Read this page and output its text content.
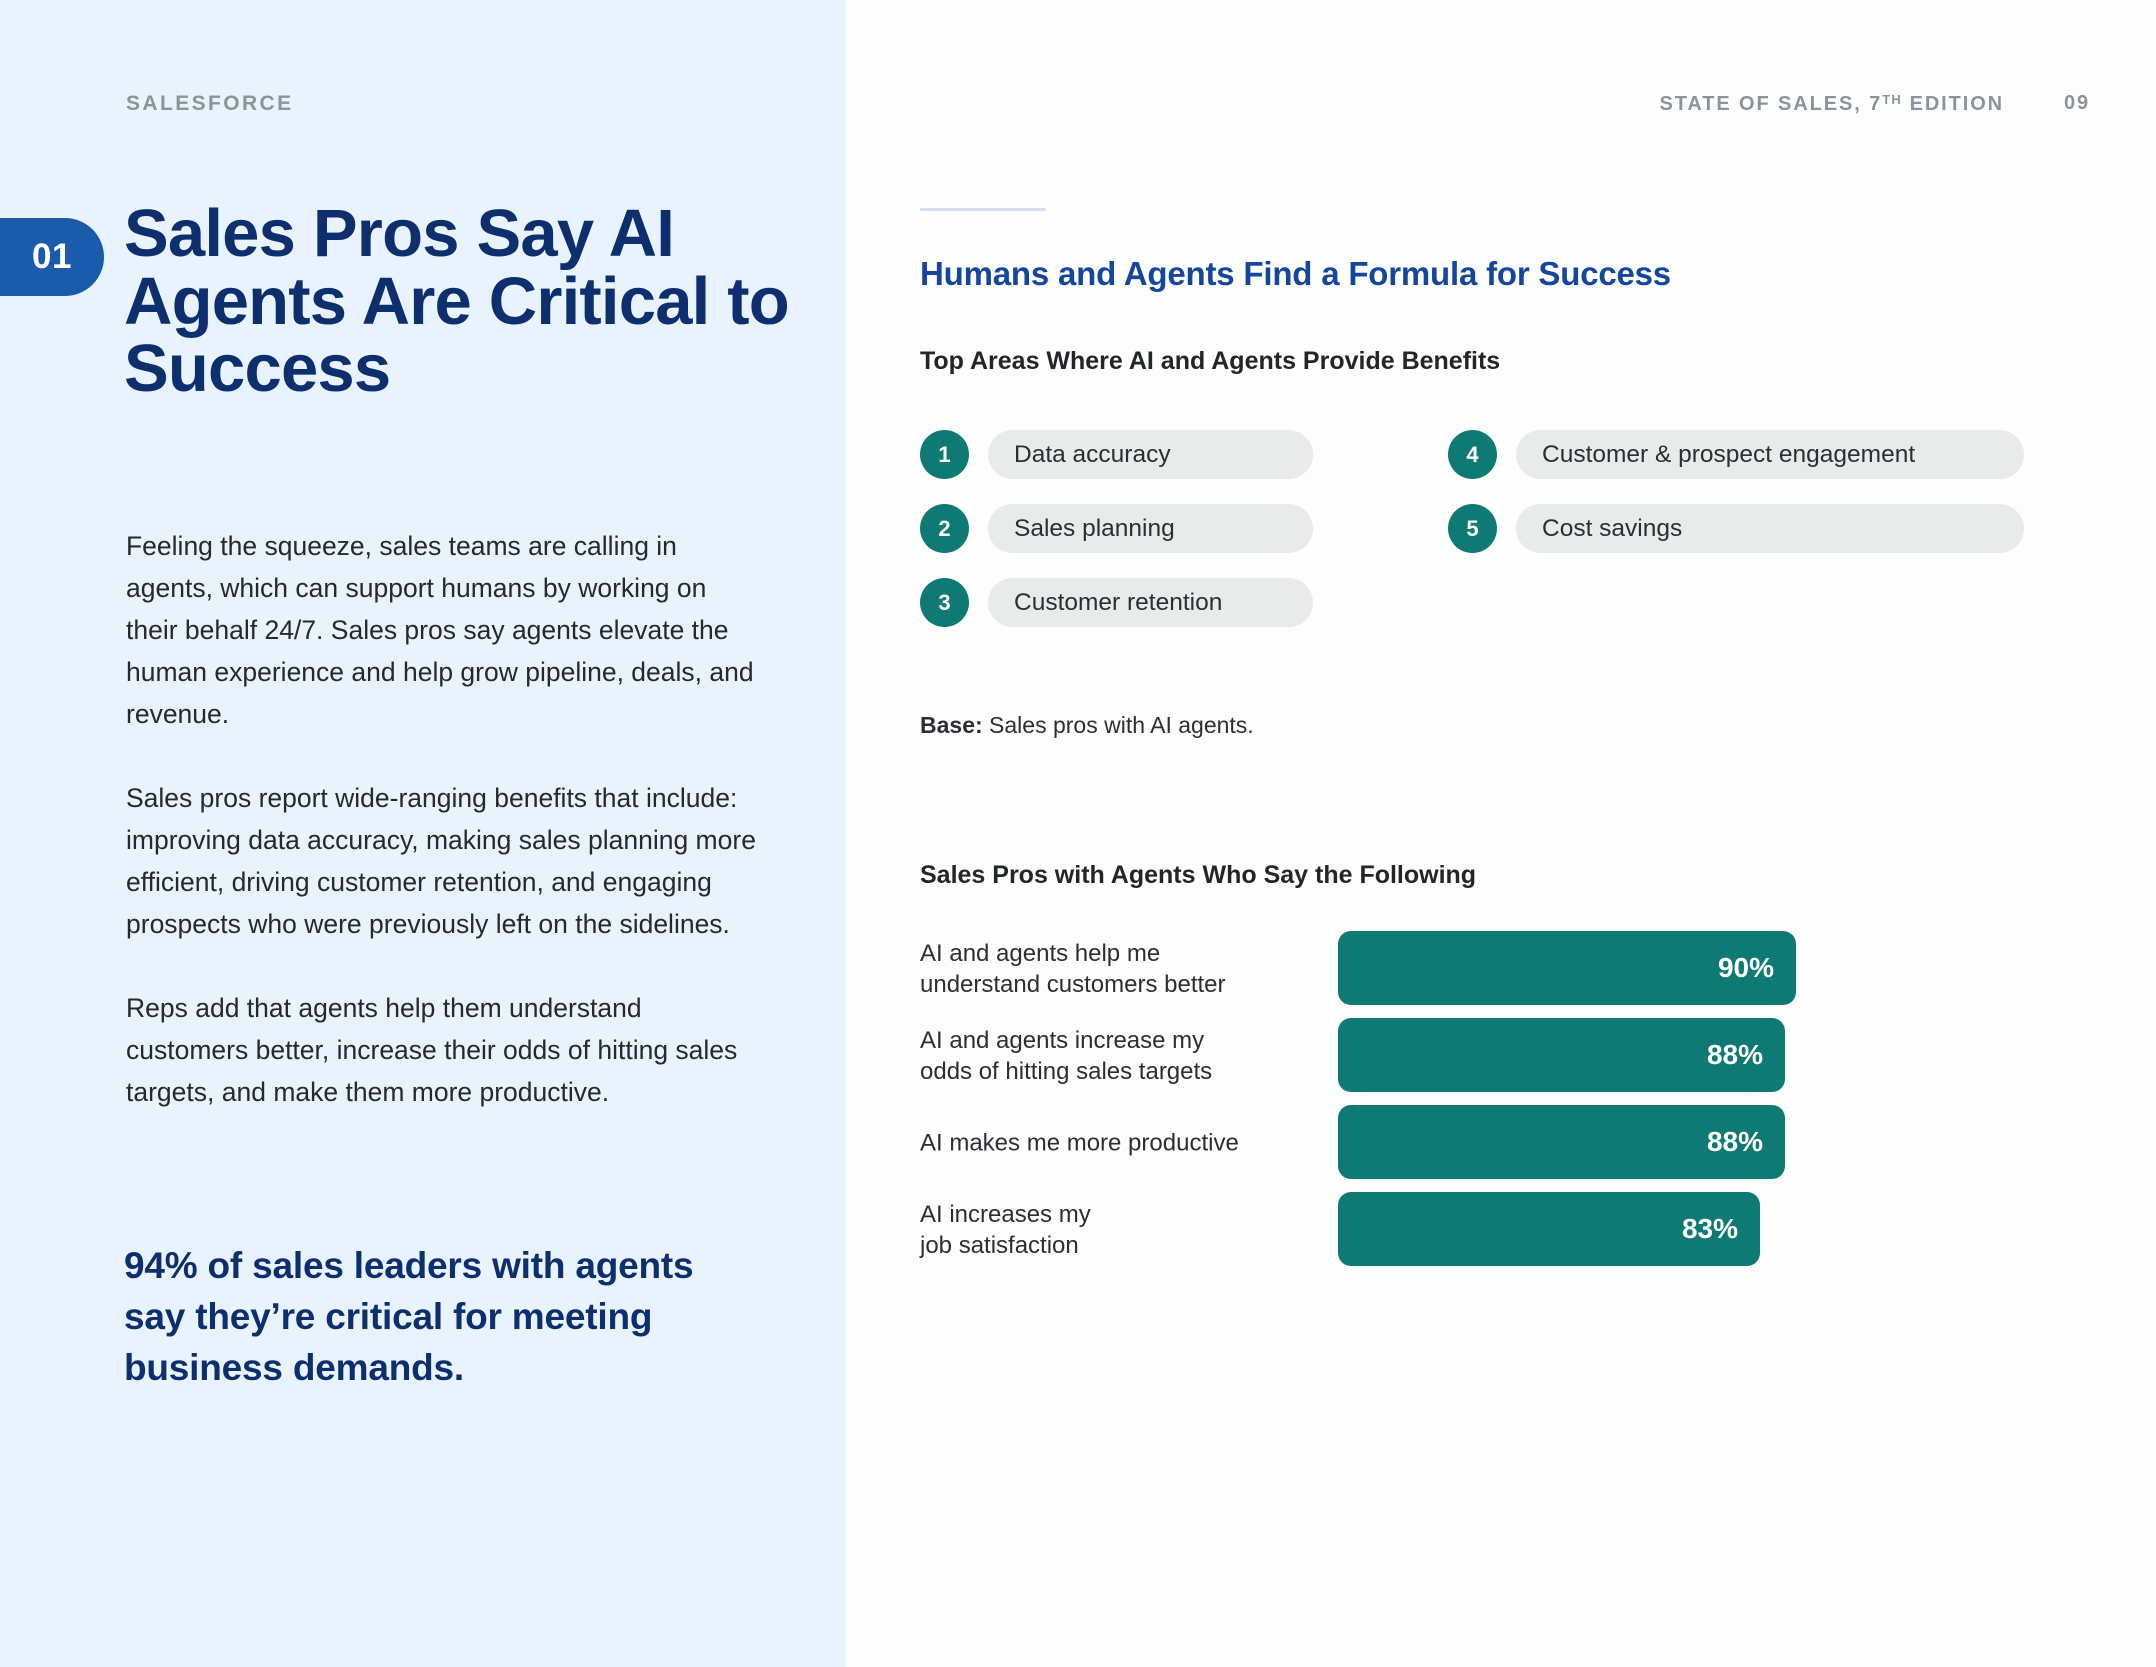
SALESFORCE
01 Sales Pros Say AI Agents Are Critical to Success

Feeling the squeeze, sales teams are calling in agents, which can support humans by working on their behalf 24/7. Sales pros say agents elevate the human experience and help grow pipeline, deals, and revenue.

Sales pros report wide-ranging benefits that include: improving data accuracy, making sales planning more efficient, driving customer retention, and engaging prospects who were previously left on the sidelines.

Reps add that agents help them understand customers better, increase their odds of hitting sales targets, and make them more productive.

94% of sales leaders with agents say they’re critical for meeting business demands.
STATE OF SALES, 7TH EDITION	09
Humans and Agents Find a Formula for Success
Top Areas Where AI and Agents Provide Benefits
1	Data accuracy
2	Sales planning
3	Customer retention
4	Customer & prospect engagement
5	Cost savings
Base: Sales pros with AI agents.
Sales Pros with Agents Who Say the Following
AI and agents help me
understand customers better
90%
AI and agents increase my
odds of hitting sales targets
88%
AI makes me more productive	88%
AI increases my
job satisfaction
83%
